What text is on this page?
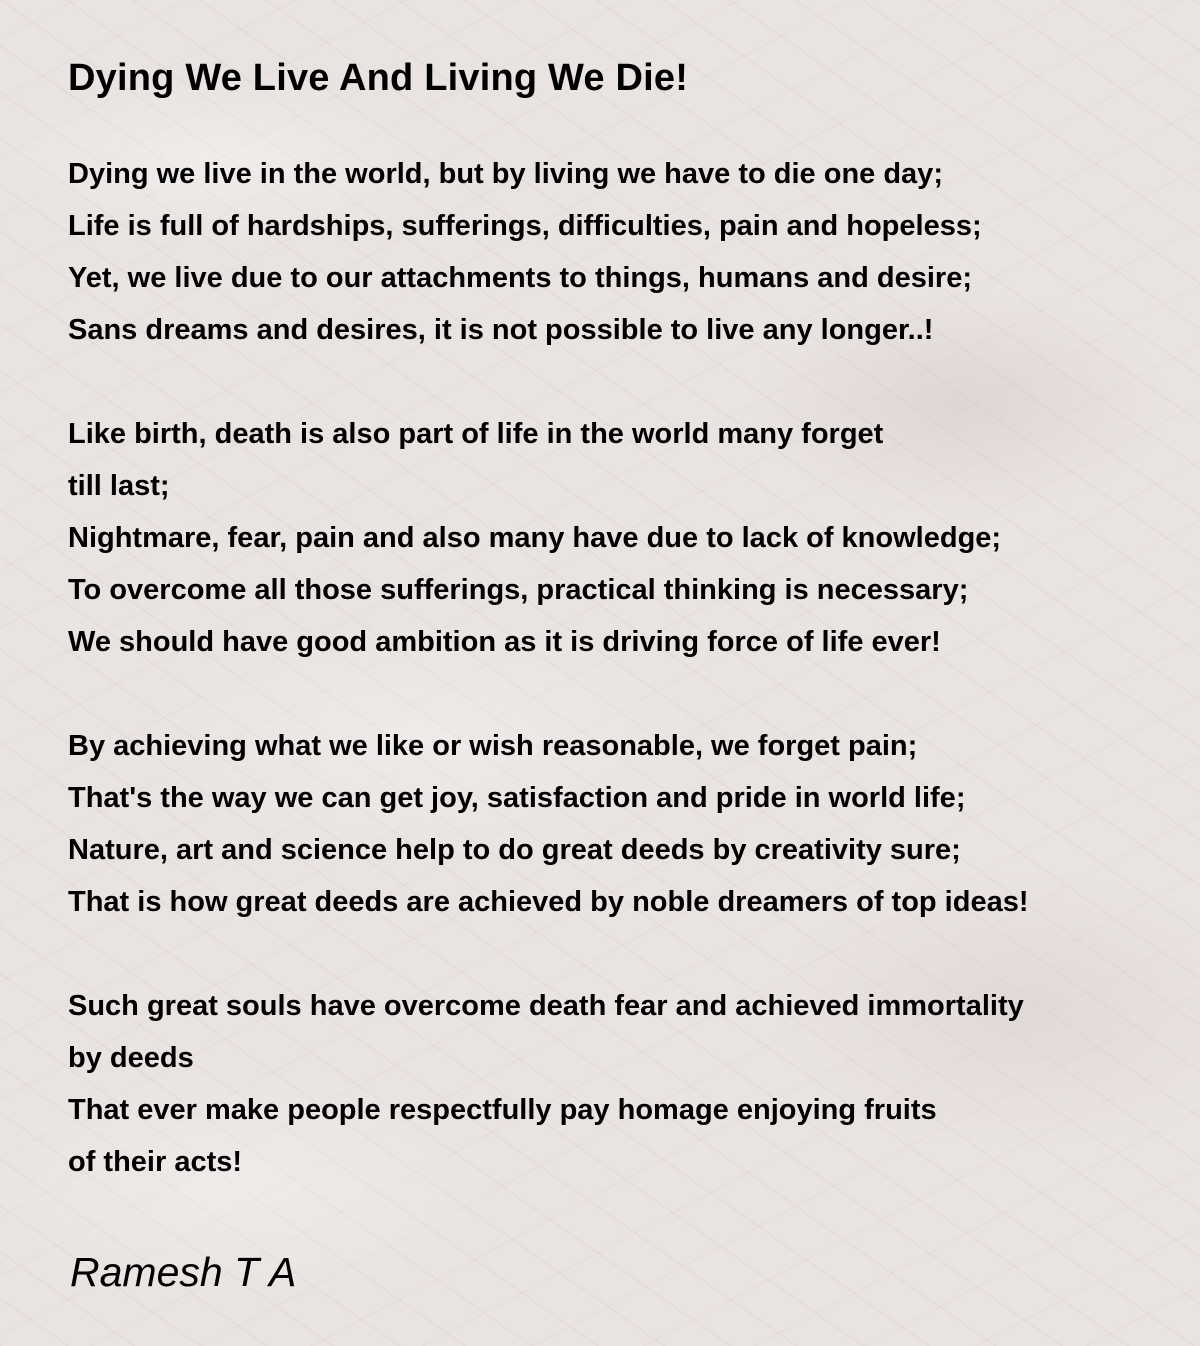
Dying We Live And Living We Die!
Dying we live in the world, but by living we have to die one day;
Life is full of hardships, sufferings, difficulties, pain and hopeless;
Yet, we live due to our attachments to things, humans and desire;
Sans dreams and desires, it is not possible to live any longer..!
Like birth, death is also part of life in the world many forget
till last;
Nightmare, fear, pain and also many have due to lack of knowledge;
To overcome all those sufferings, practical thinking is necessary;
We should have good ambition as it is driving force of life ever!
By achieving what we like or wish reasonable, we forget pain;
That's the way we can get joy, satisfaction and pride in world life;
Nature, art and science help to do great deeds by creativity sure;
That is how great deeds are achieved by noble dreamers of top ideas!
Such great souls have overcome death fear and achieved immortality
by deeds
That ever make people respectfully pay homage enjoying fruits
of their acts!

Ramesh T A
